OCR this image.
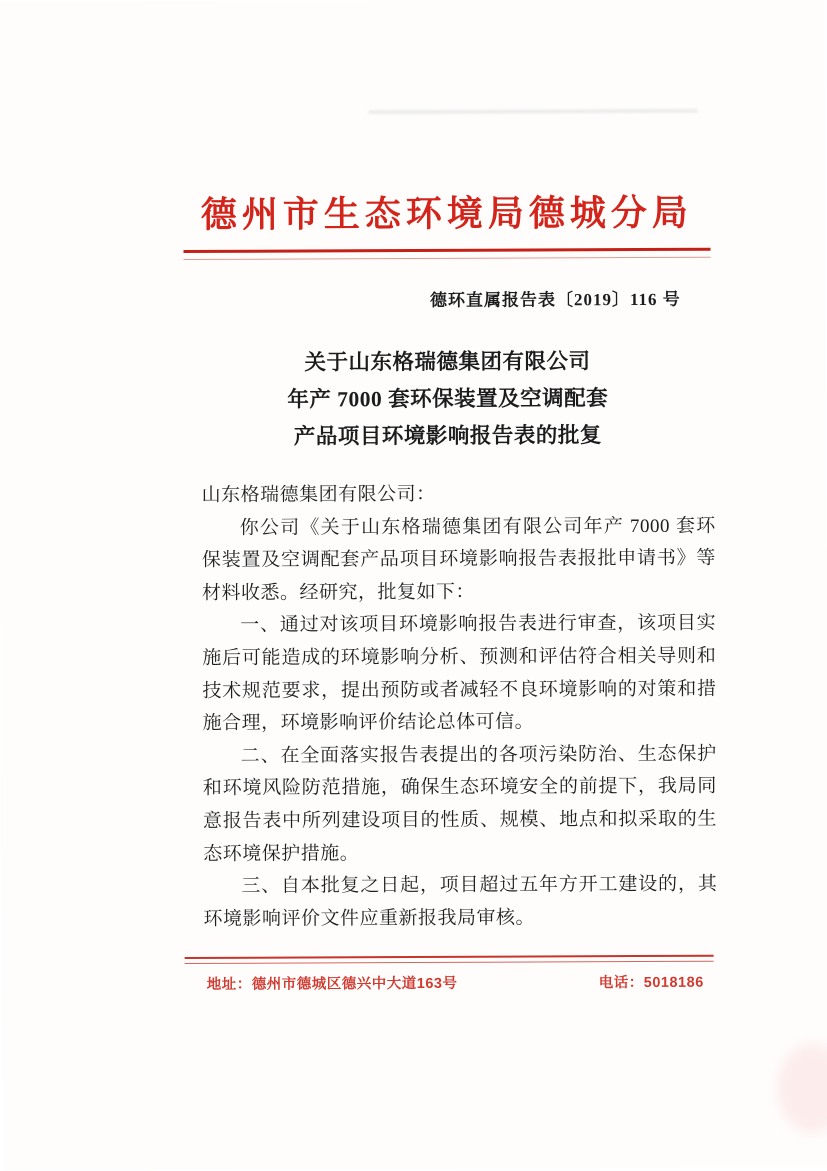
德州市生态环境局德城分局
德环直属报告表〔2019〕116 号
关于山东格瑞德集团有限公司
年产 7000 套环保装置及空调配套
产品项目环境影响报告表的批复

山东格瑞德集团有限公司：

你公司《关于山东格瑞德集团有限公司年产 7000 套环保装置及空调配套产品项目环境影响报告表报批申请书》等材料收悉。经研究，批复如下：

一、通过对该项目环境影响报告表进行审查，该项目实施后可能造成的环境影响分析、预测和评估符合相关导则和技术规范要求，提出预防或者减轻不良环境影响的对策和措施合理，环境影响评价结论总体可信。

二、在全面落实报告表提出的各项污染防治、生态保护和环境风险防范措施，确保生态环境安全的前提下，我局同意报告表中所列建设项目的性质、规模、地点和拟采取的生态环境保护措施。

三、自本批复之日起，项目超过五年方开工建设的，其环境影响评价文件应重新报我局审核。

地址：德州市德城区德兴中大道163号	电话：5018186
